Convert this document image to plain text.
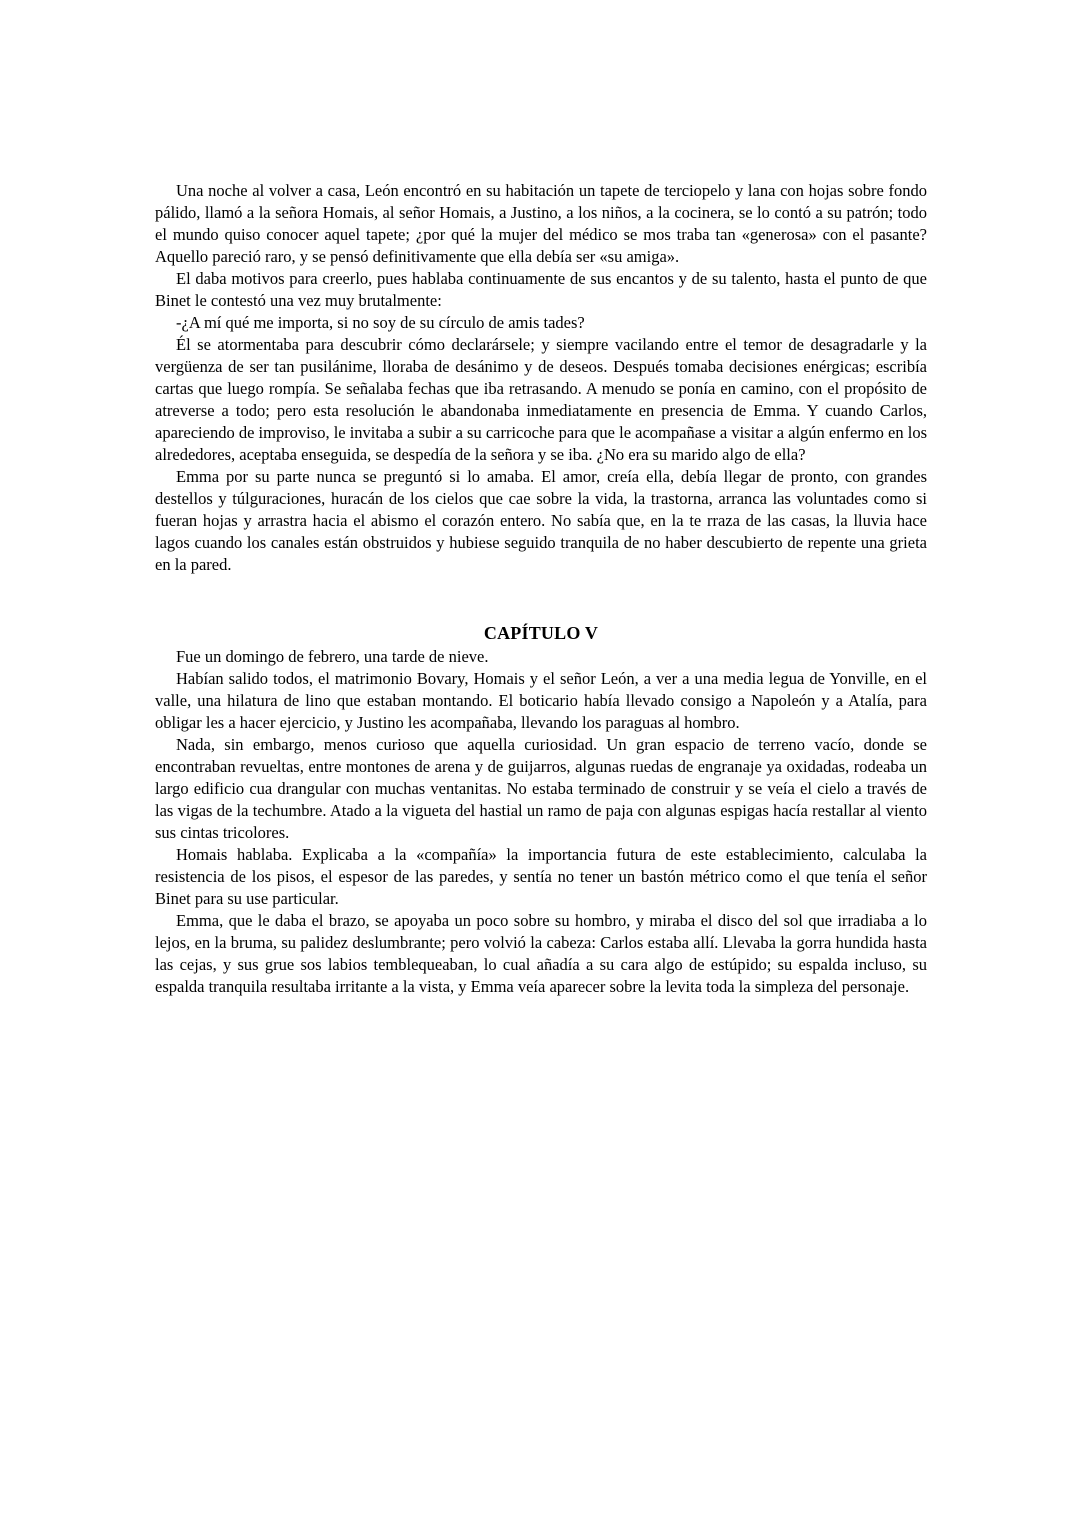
Una noche al volver a casa, León encontró en su habitación un tapete de terciopelo y lana con hojas sobre fondo pálido, llamó a la señora Homais, al señor Homais, a Justino, a los niños, a la cocinera, se lo contó a su patrón; todo el mundo quiso conocer aquel tapete; ¿por qué la mujer del médico se mos traba tan «generosa» con el pasante? Aquello pareció raro, y se pensó definitivamente que ella debía ser «su amiga».

El daba motivos para creerlo, pues hablaba continuamente de sus encantos y de su talento, hasta el punto de que Binet le contestó una vez muy brutalmente:

-¿A mí qué me importa, si no soy de su círculo de amis tades?

Él se atormentaba para descubrir cómo declarársele; y siempre vacilando entre el temor de desagradarle y la vergüenza de ser tan pusilánime, lloraba de desánimo y de deseos. Después tomaba decisiones enérgicas; escribía cartas que luego rompía. Se señalaba fechas que iba retrasando. A menudo se ponía en camino, con el propósito de atreverse a todo; pero esta resolución le abandonaba inmediatamente en presencia de Emma. Y cuando Carlos, apareciendo de improviso, le invitaba a subir a su carricoche para que le acompañase a visitar a algún enfermo en los alrededores, aceptaba enseguida, se despedía de la señora y se iba. ¿No era su marido algo de ella?

Emma por su parte nunca se preguntó si lo amaba. El amor, creía ella, debía llegar de pronto, con grandes destellos y túlguraciones, huracán de los cielos que cae sobre la vida, la trastorna, arranca las voluntades como si fueran hojas y arrastra hacia el abismo el corazón entero. No sabía que, en la te rraza de las casas, la lluvia hace lagos cuando los canales están obstruidos y hubiese seguido tranquila de no haber descubierto de repente una grieta en la pared.

CAPÍTULO V

Fue un domingo de febrero, una tarde de nieve.

Habían salido todos, el matrimonio Bovary, Homais y el señor León, a ver a una media legua de Yonville, en el valle, una hilatura de lino que estaban montando. El boticario había llevado consigo a Napoleón y a Atalía, para obligar les a hacer ejercicio, y Justino les acompañaba, llevando los paraguas al hombro.

Nada, sin embargo, menos curioso que aquella curiosidad. Un gran espacio de terreno vacío, donde se encontraban revueltas, entre montones de arena y de guijarros, algunas ruedas de engranaje ya oxidadas, rodeaba un largo edificio cua drangular con muchas ventanitas. No estaba terminado de construir y se veía el cielo a través de las vigas de la techumbre. Atado a la vigueta del hastial un ramo de paja con algunas espigas hacía restallar al viento sus cintas tricolores.

Homais hablaba. Explicaba a la «compañía» la importancia futura de este establecimiento, calculaba la resistencia de los pisos, el espesor de las paredes, y sentía no tener un bastón métrico como el que tenía el señor Binet para su use particular.

Emma, que le daba el brazo, se apoyaba un poco sobre su hombro, y miraba el disco del sol que irradiaba a lo lejos, en la bruma, su palidez deslumbrante; pero volvió la cabeza: Carlos estaba allí. Llevaba la gorra hundida hasta las cejas, y sus grue sos labios temblequeaban, lo cual añadía a su cara algo de estúpido; su espalda incluso, su espalda tranquila resultaba irritante a la vista, y Emma veía aparecer sobre la levita toda la simpleza del personaje.
